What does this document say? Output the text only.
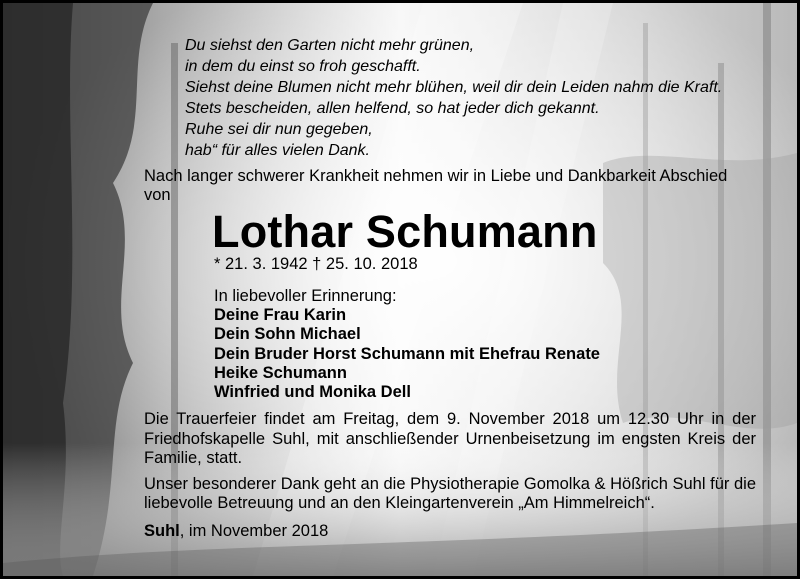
Du siehst den Garten nicht mehr grünen,
in dem du einst so froh geschafft.
Siehst deine Blumen nicht mehr blühen, weil dir dein Leiden nahm die Kraft.
Stets bescheiden, allen helfend, so hat jeder dich gekannt.
Ruhe sei dir nun gegeben,
hab“ für alles vielen Dank.
Nach langer schwerer Krankheit nehmen wir in Liebe und Dankbarkeit Abschied von
Lothar Schumann
* 21. 3. 1942 † 25. 10. 2018
In liebevoller Erinnerung:
Deine Frau Karin
Dein Sohn Michael
Dein Bruder Horst Schumann mit Ehefrau Renate
Heike Schumann
Winfried und Monika Dell

Die Trauerfeier findet am Freitag, dem 9. November 2018 um 12.30 Uhr in der Friedhofskapelle Suhl, mit anschließender Urnenbeisetzung im engsten Kreis der Familie, statt.

Unser besonderer Dank geht an die Physiotherapie Gomolka & Hößrich Suhl für die liebevolle Betreuung und an den Kleingartenverein „Am Himmelreich“.

Suhl, im November 2018
